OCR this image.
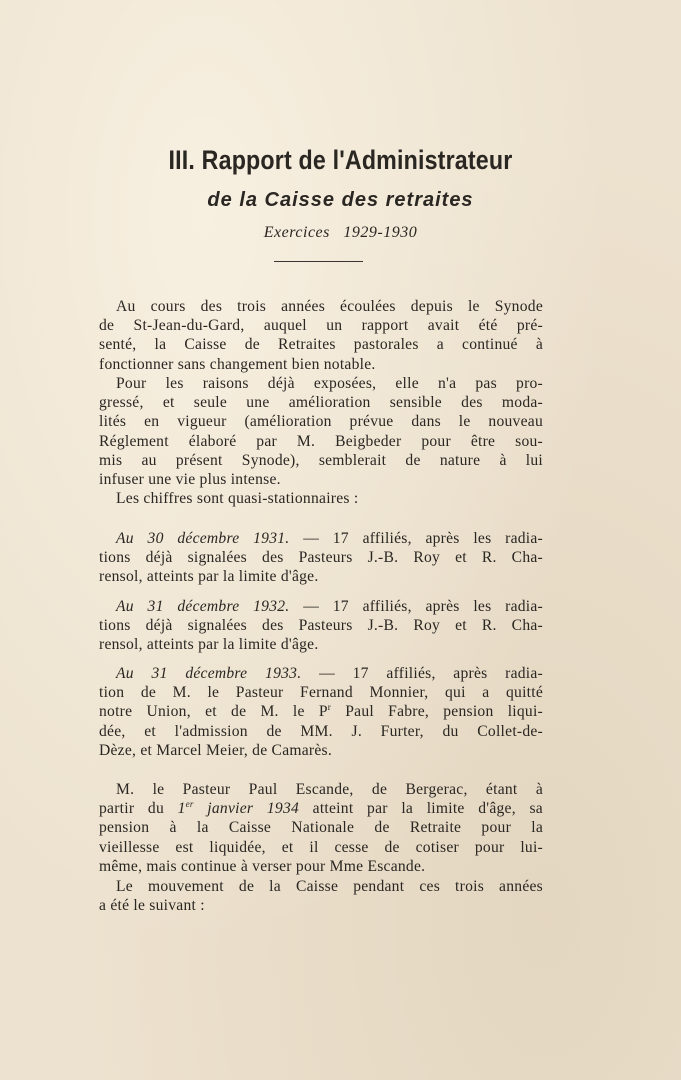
III. Rapport de l'Administrateur
de la Caisse des retraites
Exercices 1929-1930

Au cours des trois années écoulées depuis le Synode
de St-Jean-du-Gard, auquel un rapport avait été pré-
senté, la Caisse de Retraites pastorales a continué à
fonctionner sans changement bien notable.

Pour les raisons déjà exposées, elle n'a pas pro-
gressé, et seule une amélioration sensible des moda-
lités en vigueur (amélioration prévue dans le nouveau
Réglement élaboré par M. Beigbeder pour être sou-
mis au présent Synode), semblerait de nature à lui
infuser une vie plus intense.

Les chiffres sont quasi-stationnaires :

Au 30 décembre 1931. — 17 affiliés, après les radia-
tions déjà signalées des Pasteurs J.-B. Roy et R. Cha-
rensol, atteints par la limite d'âge.

Au 31 décembre 1932. — 17 affiliés, après les radia-
tions déjà signalées des Pasteurs J.-B. Roy et R. Cha-
rensol, atteints par la limite d'âge.

Au 31 décembre 1933. — 17 affiliés, après radia-
tion de M. le Pasteur Fernand Monnier, qui a quitté
notre Union, et de M. le $P^r$ Paul Fabre, pension liqui-
dée, et l'admission de MM. J. Furter, du Collet-de-
Dèze, et Marcel Meier, de Camarès.

M. le Pasteur Paul Escande, de Bergerac, étant à
partir du 1er janvier 1934 atteint par la limite d'âge, sa
pension à la Caisse Nationale de Retraite pour la
vieillesse est liquidée, et il cesse de cotiser pour lui-
même, mais continue à verser pour Mme Escande.

Le mouvement de la Caisse pendant ces trois années
a été le suivant :
